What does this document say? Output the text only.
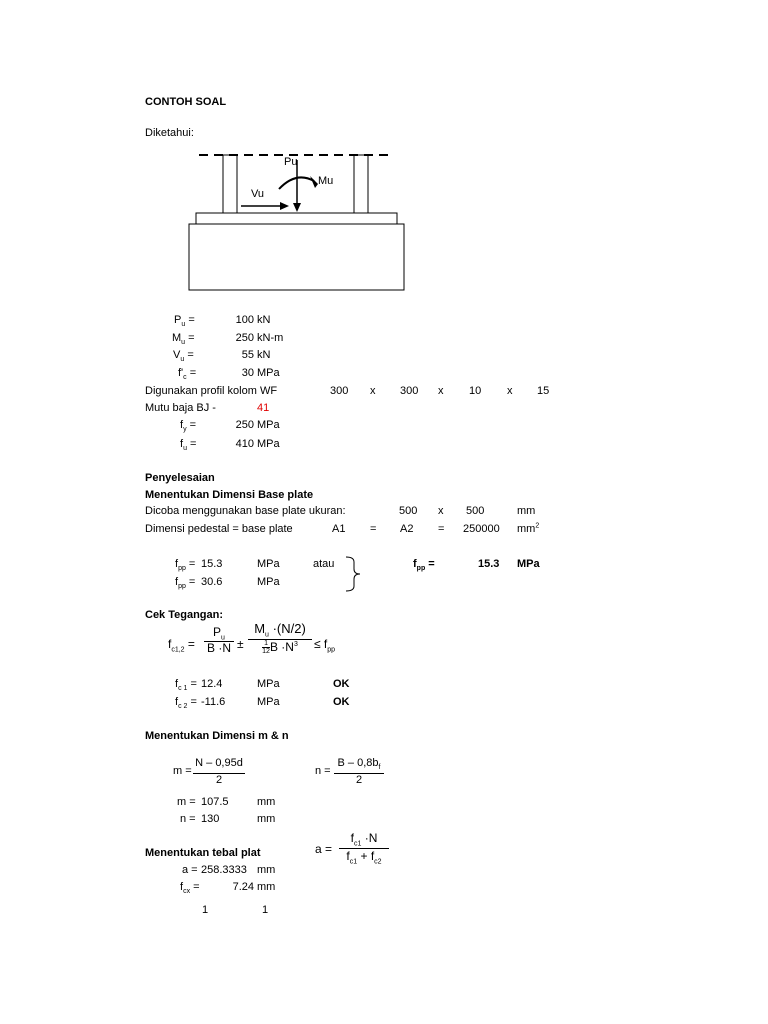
CONTOH SOAL
Diketahui:
Pu
Mu
Vu
$P_u$ =	100 kN
$M_u$ =	250 kN-m
$V_u$ =	55 kN
$f'_c$ =	30 MPa
Digunakan profil kolom WF	300 x 300 x 10 x 15
Mutu baja BJ -	41
$f_y$ =	250 MPa
$f_u$ =	410 MPa
Penyelesaian
Menentukan Dimensi Base plate
Dicoba menggunakan base plate ukuran:	500 x 500	mm
Dimensi pedestal = base plate	A1 = A2 = 250000 $mm^2$
$f_{pp} = 15.3$	MPa	atau
$f_{pp} = 30.6$	MPa
$f_{pp}$ =	15.3 MPa
Cek Tegangan:
$f_{c1,2} = \frac{P_u}{B \cdot N} \pm \frac{M_u \cdot(N/2)}{\frac{1}{12} B \cdot N^3} \le f_{pp}$
$f_{c 1} = 12.4$	MPa	OK
$f_{c 2} = -11.6$	MPa	OK
Menentukan Dimensi m & n
$m = \frac{N - 0,95d}{2}$	$n = \frac{B - 0,8b_f}{2}$
m = 107.5	mm
n = 130	mm
Menentukan tebal plat	$a = \frac{f_{c1} \cdot N}{f_{c1} + f_{c2}}$
a = 258.3333 mm
$f_{cx}$ =	7.24 mm
1	1
